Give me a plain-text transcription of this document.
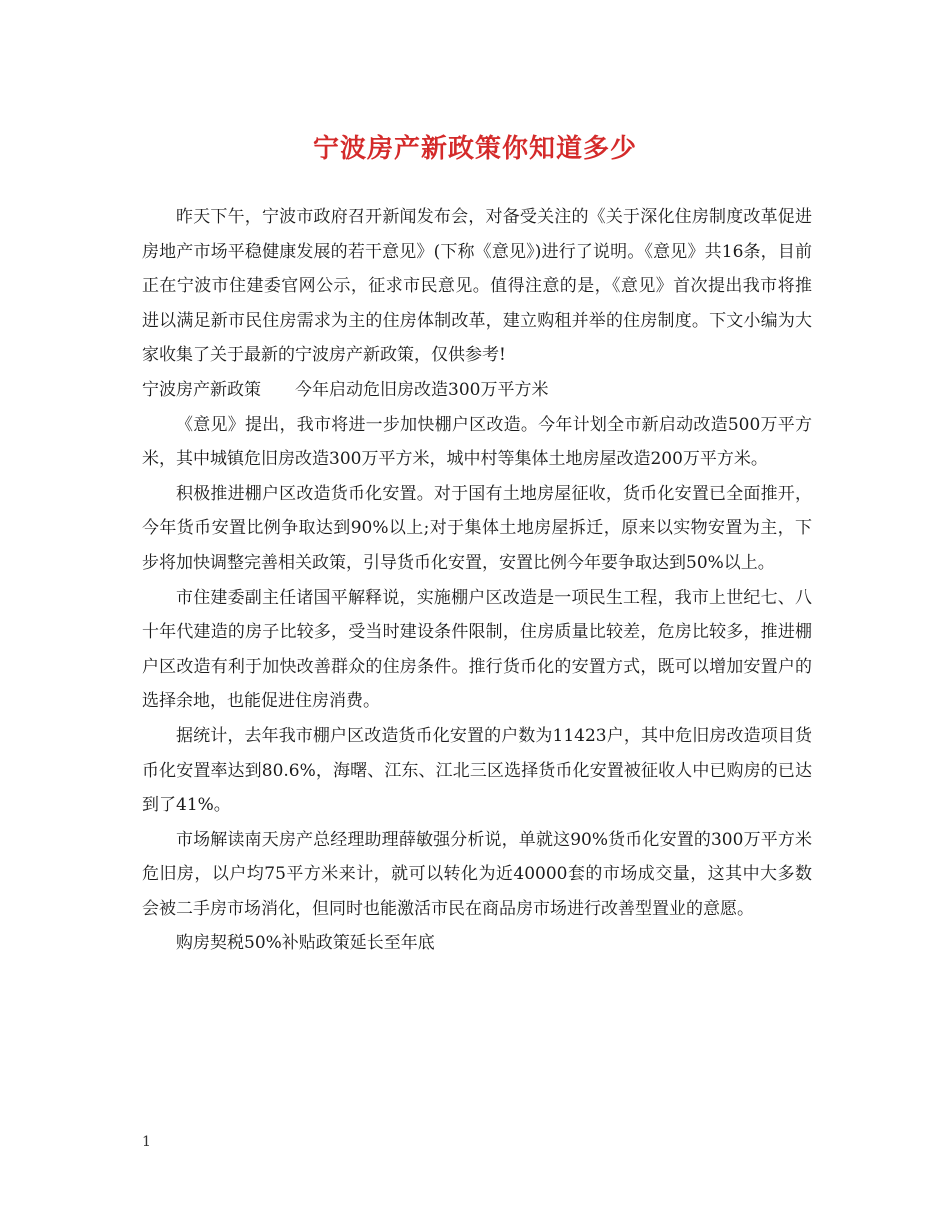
宁波房产新政策你知道多少

昨天下午，宁波市政府召开新闻发布会，对备受关注的《关于深化住房制度改革促进房地产市场平稳健康发展的若干意见》(下称《意见》)进行了说明。《意见》共16条，目前正在宁波市住建委官网公示，征求市民意见。值得注意的是，《意见》首次提出我市将推进以满足新市民住房需求为主的住房体制改革，建立购租并举的住房制度。下文小编为大家收集了关于最新的宁波房产新政策，仅供参考!

宁波房产新政策　　今年启动危旧房改造300万平方米

《意见》提出，我市将进一步加快棚户区改造。今年计划全市新启动改造500万平方米，其中城镇危旧房改造300万平方米，城中村等集体土地房屋改造200万平方米。

积极推进棚户区改造货币化安置。对于国有土地房屋征收，货币化安置已全面推开，今年货币安置比例争取达到90%以上;对于集体土地房屋拆迁，原来以实物安置为主，下步将加快调整完善相关政策，引导货币化安置，安置比例今年要争取达到50%以上。

市住建委副主任诸国平解释说，实施棚户区改造是一项民生工程，我市上世纪七、八十年代建造的房子比较多，受当时建设条件限制，住房质量比较差，危房比较多，推进棚户区改造有利于加快改善群众的住房条件。推行货币化的安置方式，既可以增加安置户的选择余地，也能促进住房消费。

据统计，去年我市棚户区改造货币化安置的户数为11423户，其中危旧房改造项目货币化安置率达到80.6%，海曙、江东、江北三区选择货币化安置被征收人中已购房的已达到了41%。

市场解读南天房产总经理助理薛敏强分析说，单就这90%货币化安置的300万平方米危旧房，以户均75平方米来计，就可以转化为近40000套的市场成交量，这其中大多数会被二手房市场消化，但同时也能激活市民在商品房市场进行改善型置业的意愿。

购房契税50%补贴政策延长至年底

1
